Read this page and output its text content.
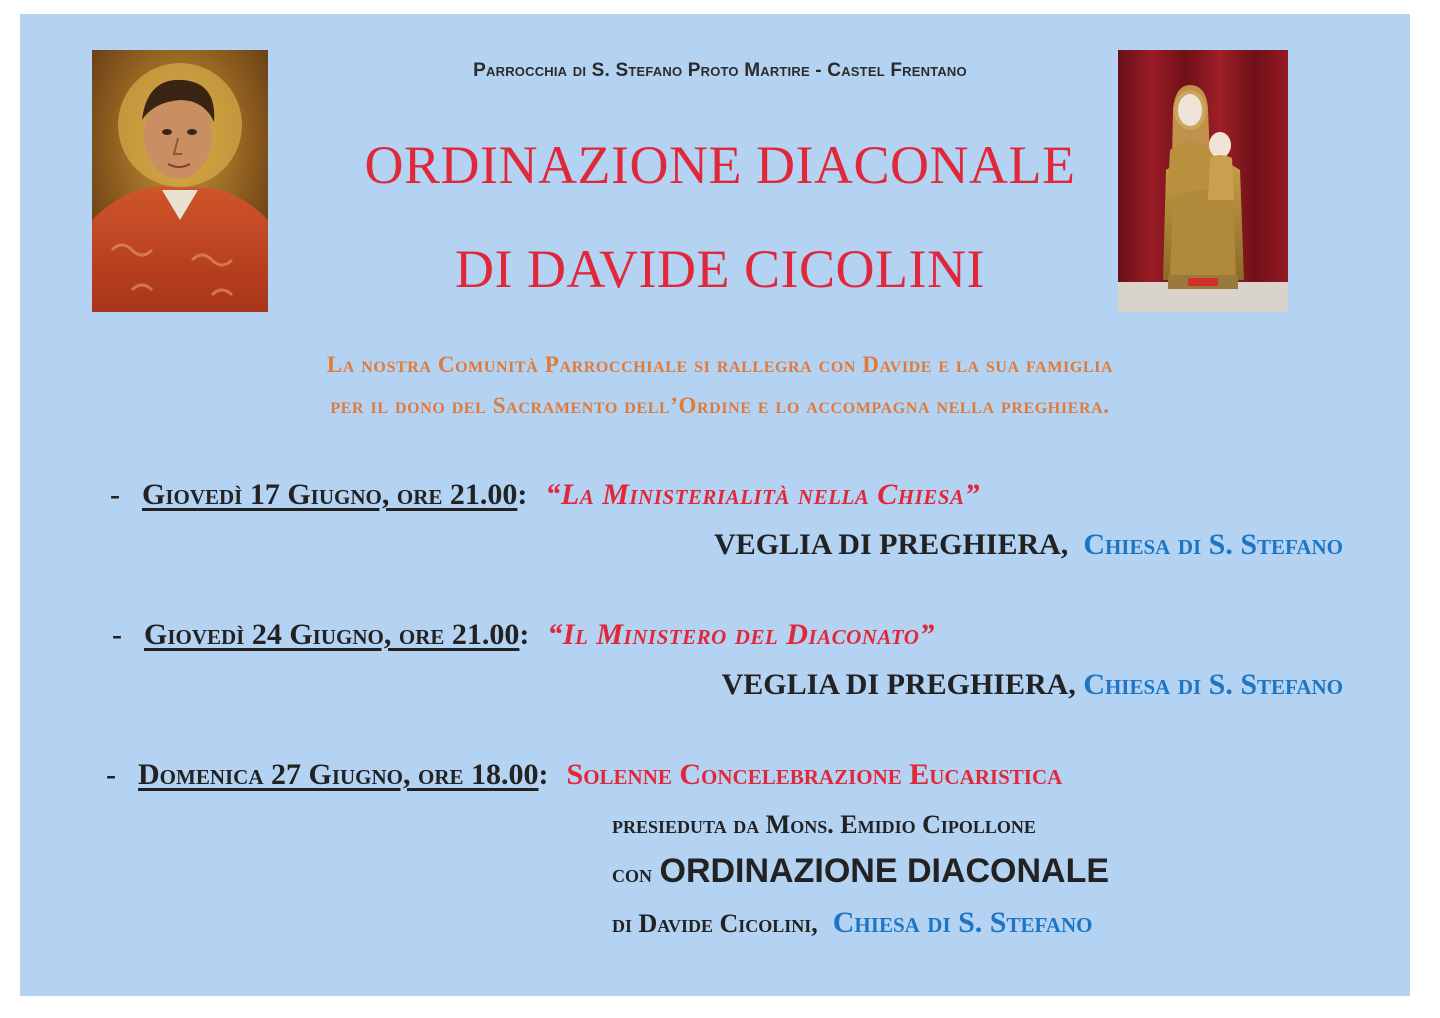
Parrocchia di S. Stefano Proto Martire - Castel Frentano
ORDINAZIONE DIACONALE
DI DAVIDE CICOLINI
La nostra Comunità Parrocchiale si rallegra con Davide e la sua famiglia
per il dono del Sacramento dell’Ordine e lo accompagna nella preghiera.
- Giovedì 17 Giugno, ore 21.00: “La Ministerialità nella Chiesa”
VEGLIA DI PREGHIERA, Chiesa di S. Stefano
- Giovedì 24 Giugno, ore 21.00: “Il Ministero del Diaconato”
VEGLIA DI PREGHIERA, Chiesa di S. Stefano
- Domenica 27 Giugno, ore 18.00: Solenne Concelebrazione Eucaristica
presieduta da Mons. Emidio Cipollone
con ORDINAZIONE DIACONALE
di Davide Cicolini, Chiesa di S. Stefano
